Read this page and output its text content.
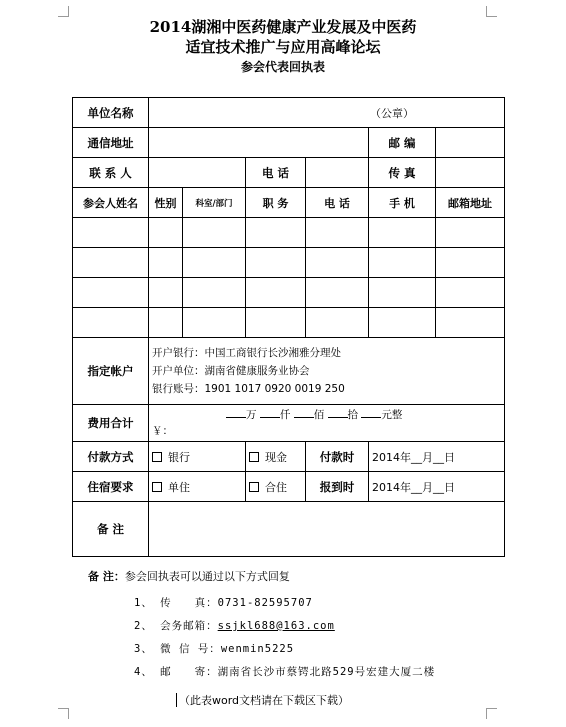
2014湖湘中医药健康产业发展及中医药
适宜技术推广与应用高峰论坛
参会代表回执表
单位名称	（公章）					
通信地址					邮 编	
联 系 人			电 话		传 真	
参会人姓名	性别	科室/部门	职 务	电 话	手 机	邮箱地址

指定帐户	开户银行：中国工商银行长沙湘雅分理处
开户单位：湖南省健康服务业协会
银行账号：1901 1017 0920 0019 250					

费用合计	万 仟 佰 拾 元整
￥：					

付款方式	银行		现金	付款时	2014年__月__日	
住宿要求	单住		合住	报到时	2014年__月__日	
备 注						
备 注：参会回执表可以通过以下方式回复
1、 传　　真：0731-82595707
2、 会务邮箱：ssjkl688@163.com
3、 微 信 号：wenmin5225
4、 邮　　寄：湖南省长沙市蔡锷北路529号宏建大厦二楼
（此表word文档请在下载区下载）
